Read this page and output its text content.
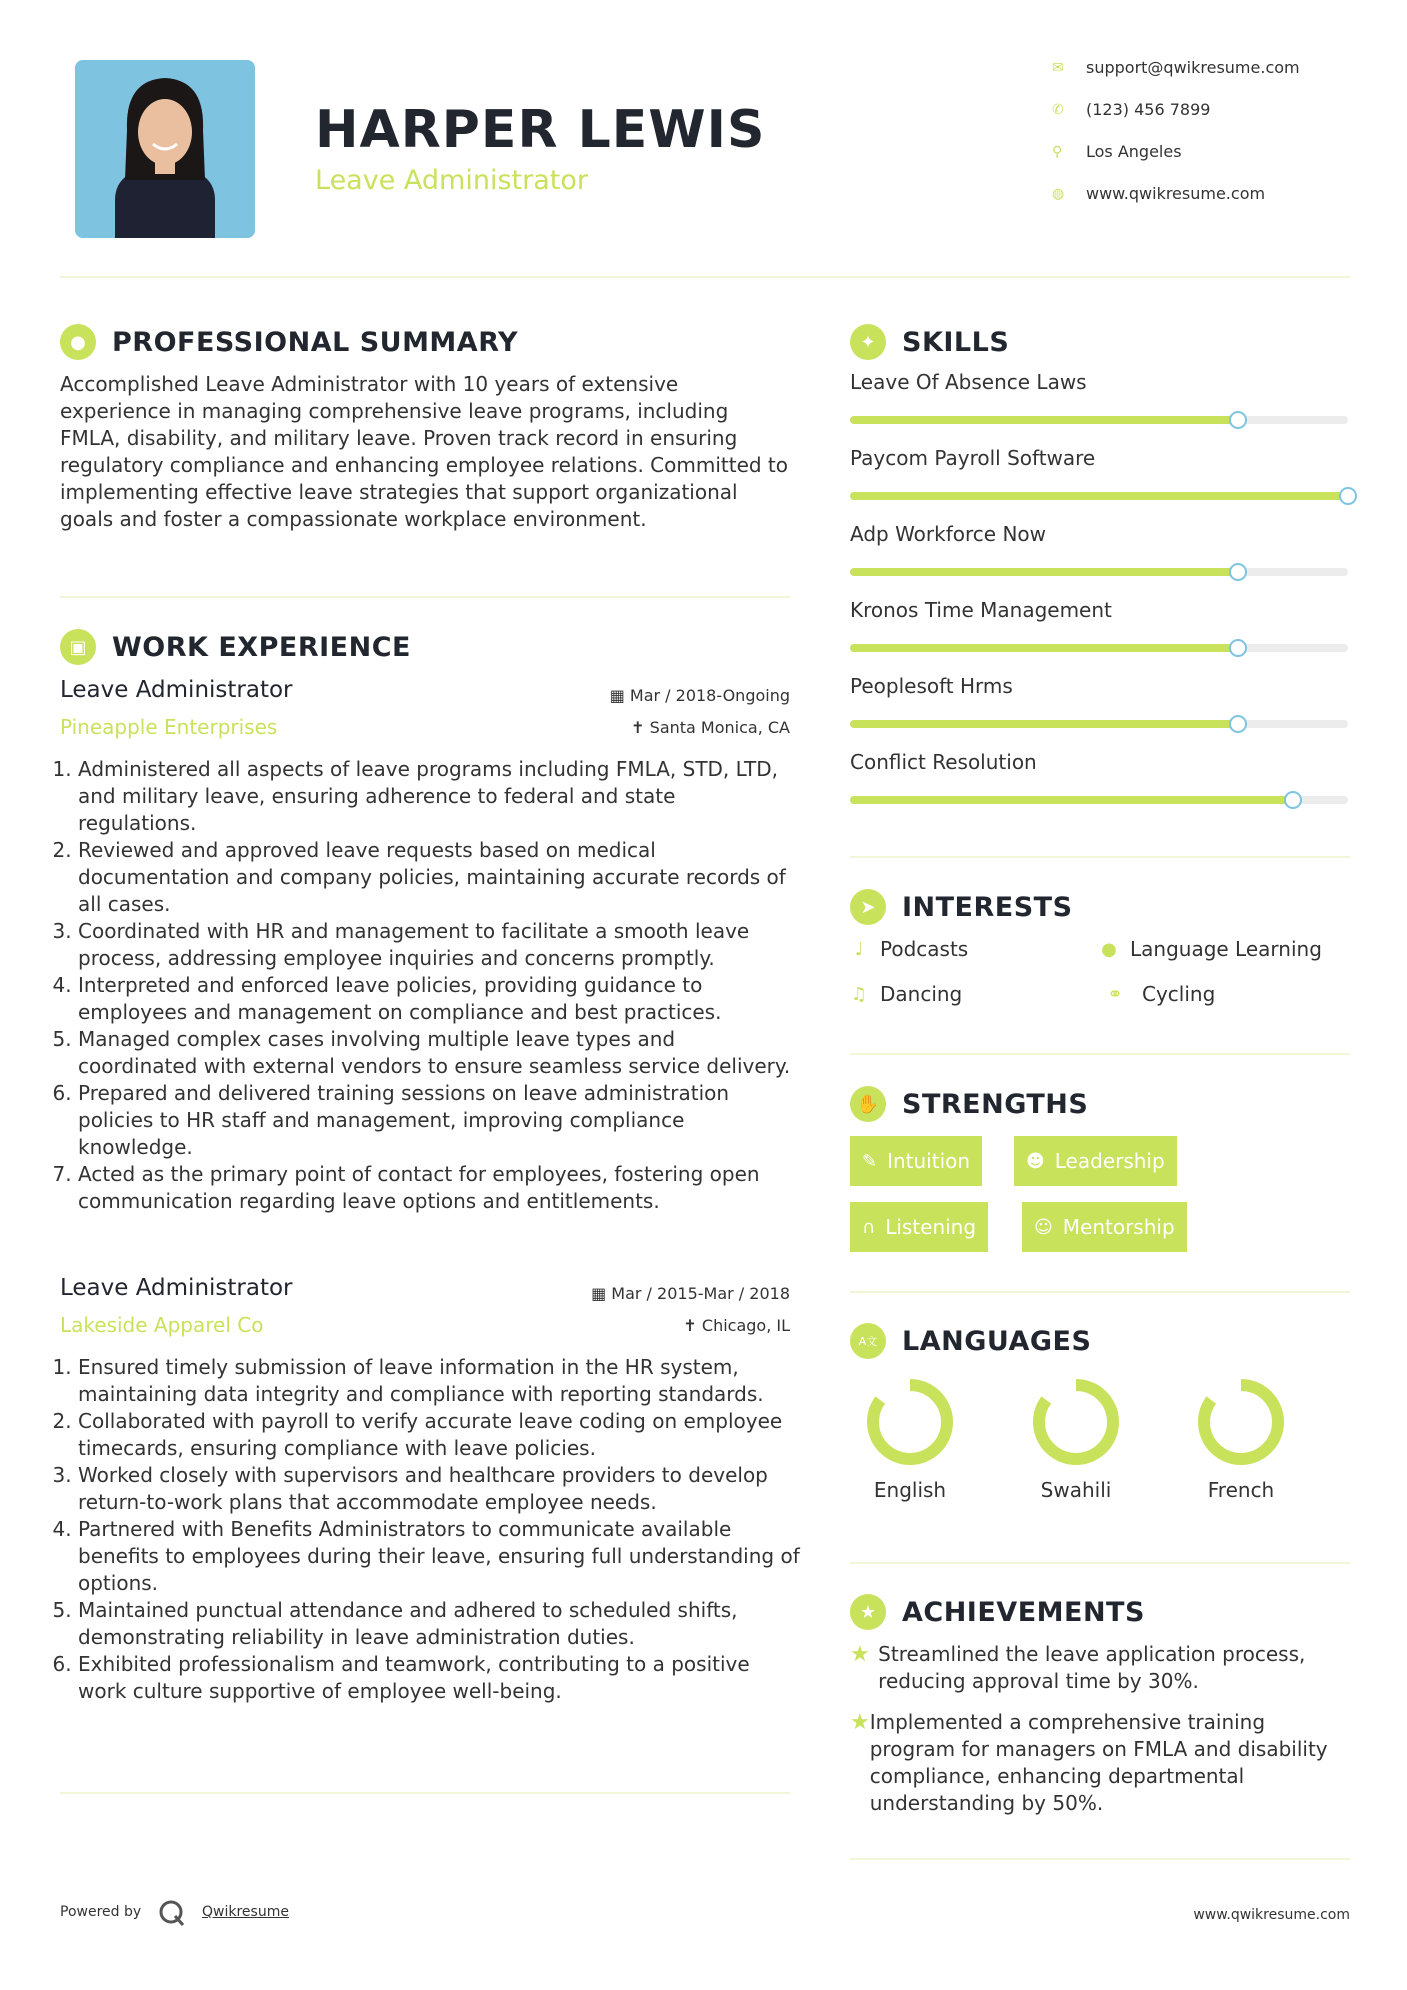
HARPER LEWIS
Leave Administrator
✉	support@qwikresume.com
✆	(123) 456 7899
⚲	Los Angeles
◍	www.qwikresume.com
● PROFESSIONAL SUMMARY
Accomplished Leave Administrator with 10 years of extensive experience in managing comprehensive leave programs, including FMLA, disability, and military leave. Proven track record in ensuring regulatory compliance and enhancing employee relations. Committed to implementing effective leave strategies that support organizational goals and foster a compassionate workplace environment.
▣ WORK EXPERIENCE
Leave Administrator
Pineapple Enterprises
▦ Mar / 2018-Ongoing
✝ Santa Monica, CA
1. Administered all aspects of leave programs including FMLA, STD, LTD, and military leave, ensuring adherence to federal and state regulations.
2. Reviewed and approved leave requests based on medical documentation and company policies, maintaining accurate records of all cases.
3. Coordinated with HR and management to facilitate a smooth leave process, addressing employee inquiries and concerns promptly.
4. Interpreted and enforced leave policies, providing guidance to employees and management on compliance and best practices.
5. Managed complex cases involving multiple leave types and coordinated with external vendors to ensure seamless service delivery.
6. Prepared and delivered training sessions on leave administration policies to HR staff and management, improving compliance knowledge.
7. Acted as the primary point of contact for employees, fostering open communication regarding leave options and entitlements.
Leave Administrator
Lakeside Apparel Co
▦ Mar / 2015-Mar / 2018
✝ Chicago, IL
1. Ensured timely submission of leave information in the HR system, maintaining data integrity and compliance with reporting standards.
2. Collaborated with payroll to verify accurate leave coding on employee timecards, ensuring compliance with leave policies.
3. Worked closely with supervisors and healthcare providers to develop return-to-work plans that accommodate employee needs.
4. Partnered with Benefits Administrators to communicate available benefits to employees during their leave, ensuring full understanding of options.
5. Maintained punctual attendance and adhered to scheduled shifts, demonstrating reliability in leave administration duties.
6. Exhibited professionalism and teamwork, contributing to a positive work culture supportive of employee well-being.
✦ SKILLS
Leave Of Absence Laws
Paycom Payroll Software
Adp Workforce Now
Kronos Time Management
Peoplesoft Hrms
Conflict Resolution
➤ INTERESTS
♩ Podcasts	● Language Learning
♫ Dancing	⚭ Cycling
✋ STRENGTHS
✎ Intuition	☻ Leadership
∩ Listening	☺ Mentorship
A文 LANGUAGES
English	Swahili	French
★ ACHIEVEMENTS
★ Streamlined the leave application process, reducing approval time by 30%.
★ Implemented a comprehensive training program for managers on FMLA and disability compliance, enhancing departmental understanding by 50%.
Powered by	Qwikresume	www.qwikresume.com
